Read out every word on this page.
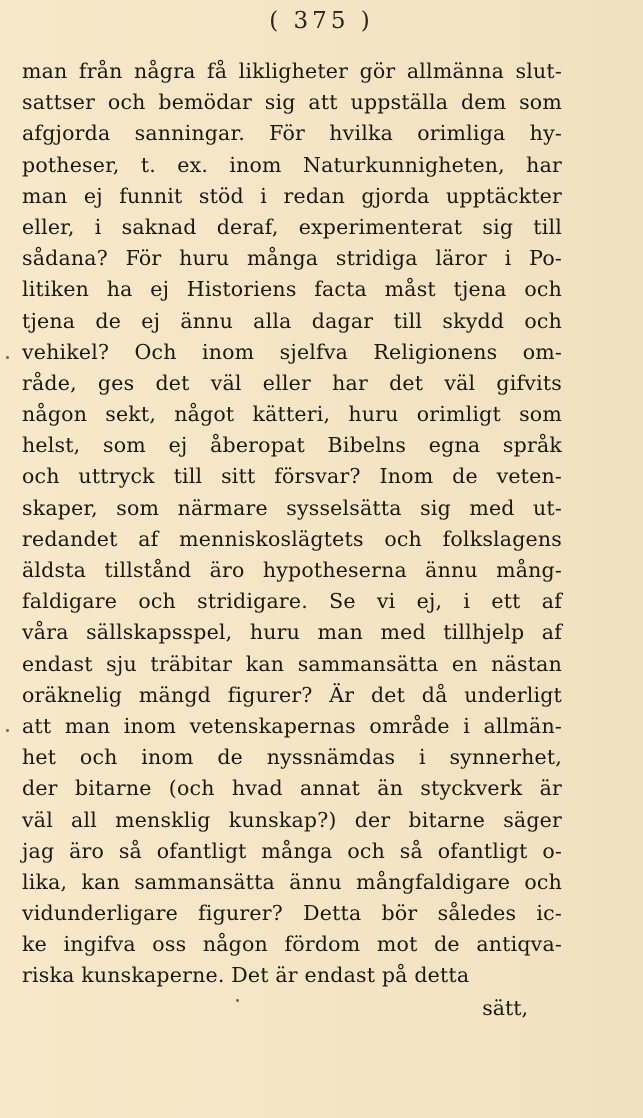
( 375 )
man från några få likligheter gör allmänna slut-
sattser och bemödar sig att uppställa dem som
afgjorda sanningar. För hvilka orimliga hy-
potheser, t. ex. inom Naturkunnigheten, har
man ej funnit stöd i redan gjorda upptäckter
eller, i saknad deraf, experimenterat sig till
sådana? För huru många stridiga läror i Po-
litiken ha ej Historiens facta måst tjena och
tjena de ej ännu alla dagar till skydd och
vehikel? Och inom sjelfva Religionens om-
råde, ges det väl eller har det väl gifvits
någon sekt, något kätteri, huru orimligt som
helst, som ej åberopat Bibelns egna språk
och uttryck till sitt försvar? Inom de veten-
skaper, som närmare sysselsätta sig med ut-
redandet af menniskoslägtets och folkslagens
äldsta tillstånd äro hypotheserna ännu mång-
faldigare och stridigare. Se vi ej, i ett af
våra sällskapsspel, huru man med tillhjelp af
endast sju träbitar kan sammansätta en nästan
oräknelig mängd figurer? Är det då underligt
att man inom vetenskapernas område i allmän-
het och inom de nyssnämdas i synnerhet,
der bitarne (och hvad annat än styckverk är
väl all mensklig kunskap?) der bitarne säger
jag äro så ofantligt många och så ofantligt o-
lika, kan sammansätta ännu mångfaldigare och
vidunderligare figurer? Detta bör således ic-
ke ingifva oss någon fördom mot de antiqva-
riska kunskaperne. Det är endast på detta
sätt,
